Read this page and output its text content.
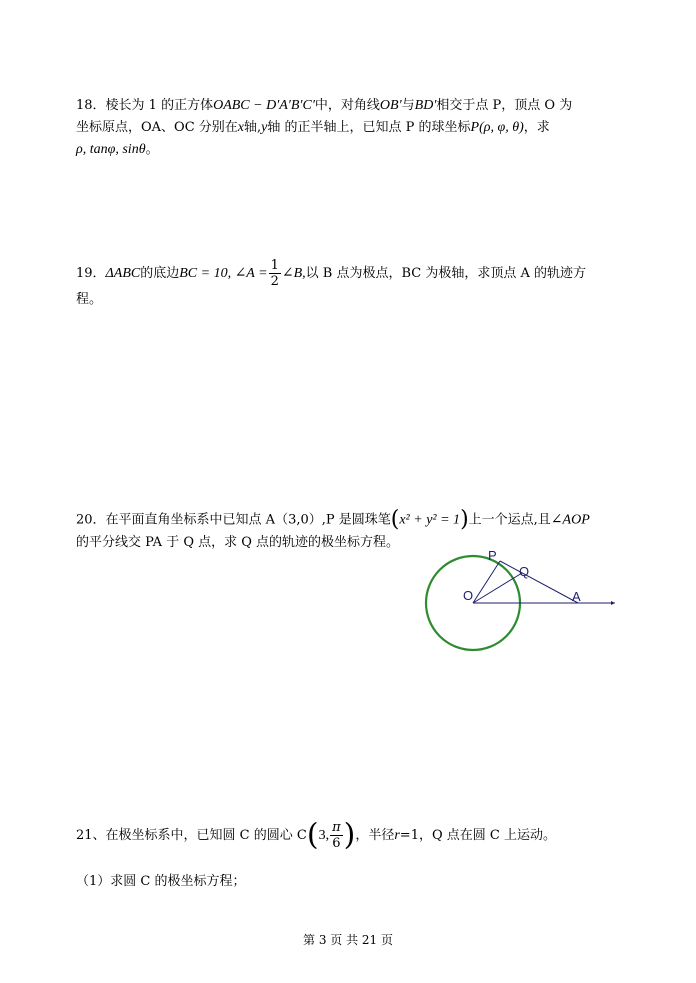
18．棱长为 1 的正方体OABC − D′A′B′C′中，对角线OB′与BD′相交于点 P，顶点 O 为
坐标原点，OA、OC 分别在x轴,y轴 的正半轴上，已知点 P 的球坐标P(ρ, φ, θ)，求
ρ, tanφ, sinθ。
19．ΔABC的底边BC = 10, ∠A = $\frac{1}{2}$ ∠B,以 B 点为极点，BC 为极轴，求顶点 A 的轨迹方
程。
20．在平面直角坐标系中已知点 A（3,0）,P 是圆珠笔(x² + y² = 1)上一个运点,且∠AOP
的平分线交 PA 于 Q 点，求 Q 点的轨迹的极坐标方程。
P
Q
O	A
21、在极坐标系中，已知圆 C 的圆心 C(3, $\frac{\pi}{6}$ )，半径r=1，Q 点在圆 C 上运动。
（1）求圆 C 的极坐标方程；
第 3 页 共 21 页
